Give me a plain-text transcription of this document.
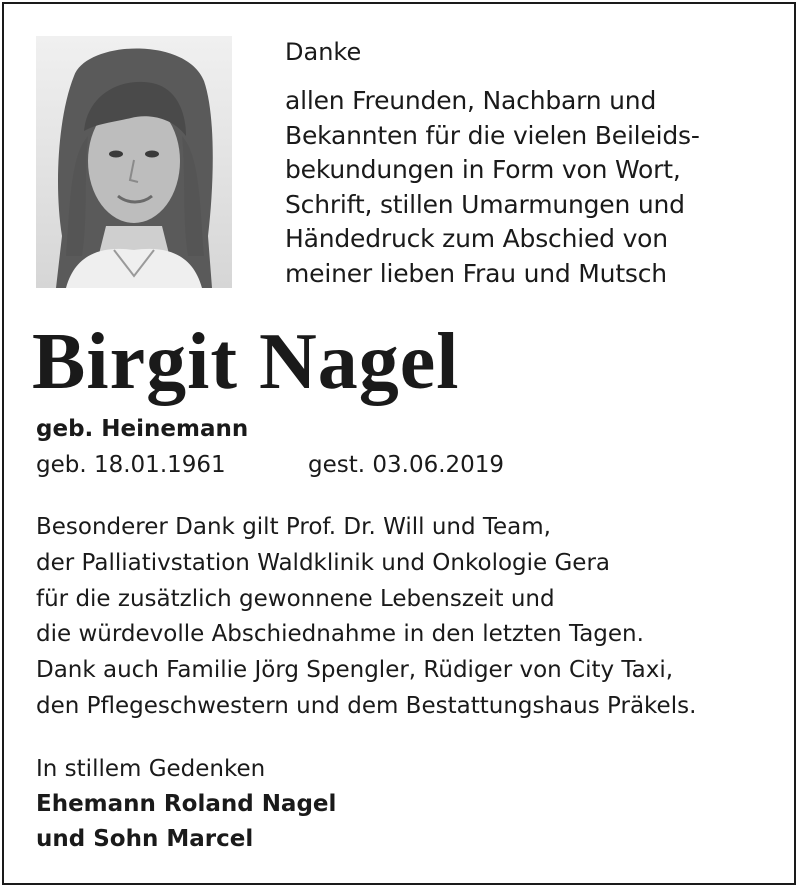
Danke

allen Freunden, Nachbarn und
Bekannten für die vielen Beileids-
bekundungen in Form von Wort,
Schrift, stillen Umarmungen und
Händedruck zum Abschied von
meiner lieben Frau und Mutsch

Birgit Nagel
geb. Heinemann
geb. 18.01.1961	gest. 03.06.2019

Besonderer Dank gilt Prof. Dr. Will und Team,
der Palliativstation Waldklinik und Onkologie Gera
für die zusätzlich gewonnene Lebenszeit und
die würdevolle Abschiednahme in den letzten Tagen.
Dank auch Familie Jörg Spengler, Rüdiger von City Taxi,
den Pflegeschwestern und dem Bestattungshaus Präkels.

In stillem Gedenken
Ehemann Roland Nagel
und Sohn Marcel
